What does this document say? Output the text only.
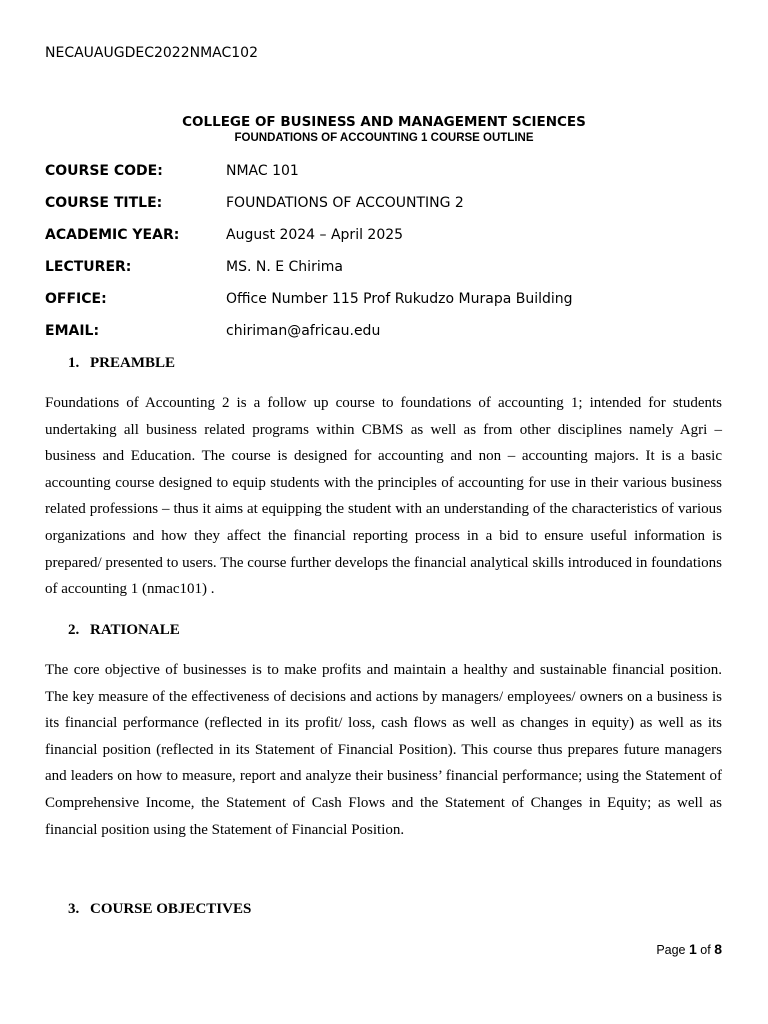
NECAUAUGDEC2022NMAC102
COLLEGE OF BUSINESS AND MANAGEMENT SCIENCES
FOUNDATIONS OF ACCOUNTING 1 COURSE OUTLINE
COURSE CODE:	NMAC 101
COURSE TITLE:	FOUNDATIONS OF ACCOUNTING 2
ACADEMIC YEAR:	August 2024 – April 2025
LECTURER:	MS. N. E Chirima
OFFICE:	Office Number 115 Prof Rukudzo Murapa Building
EMAIL:	chiriman@africau.edu
1. PREAMBLE
Foundations of Accounting 2 is a follow up course to foundations of accounting 1; intended for students undertaking all business related programs within CBMS as well as from other disciplines namely Agri – business and Education. The course is designed for accounting and non – accounting majors. It is a basic accounting course designed to equip students with the principles of accounting for use in their various business related professions – thus it aims at equipping the student with an understanding of the characteristics of various organizations and how they affect the financial reporting process in a bid to ensure useful information is prepared/ presented to users. The course further develops the financial analytical skills introduced in foundations of accounting 1 (nmac101) .
2. RATIONALE
The core objective of businesses is to make profits and maintain a healthy and sustainable financial position. The key measure of the effectiveness of decisions and actions by managers/ employees/ owners on a business is its financial performance (reflected in its profit/ loss, cash flows as well as changes in equity) as well as its financial position (reflected in its Statement of Financial Position). This course thus prepares future managers and leaders on how to measure, report and analyze their business’ financial performance; using the Statement of Comprehensive Income, the Statement of Cash Flows and the Statement of Changes in Equity; as well as financial position using the Statement of Financial Position.
3. COURSE OBJECTIVES
Page 1 of 8
